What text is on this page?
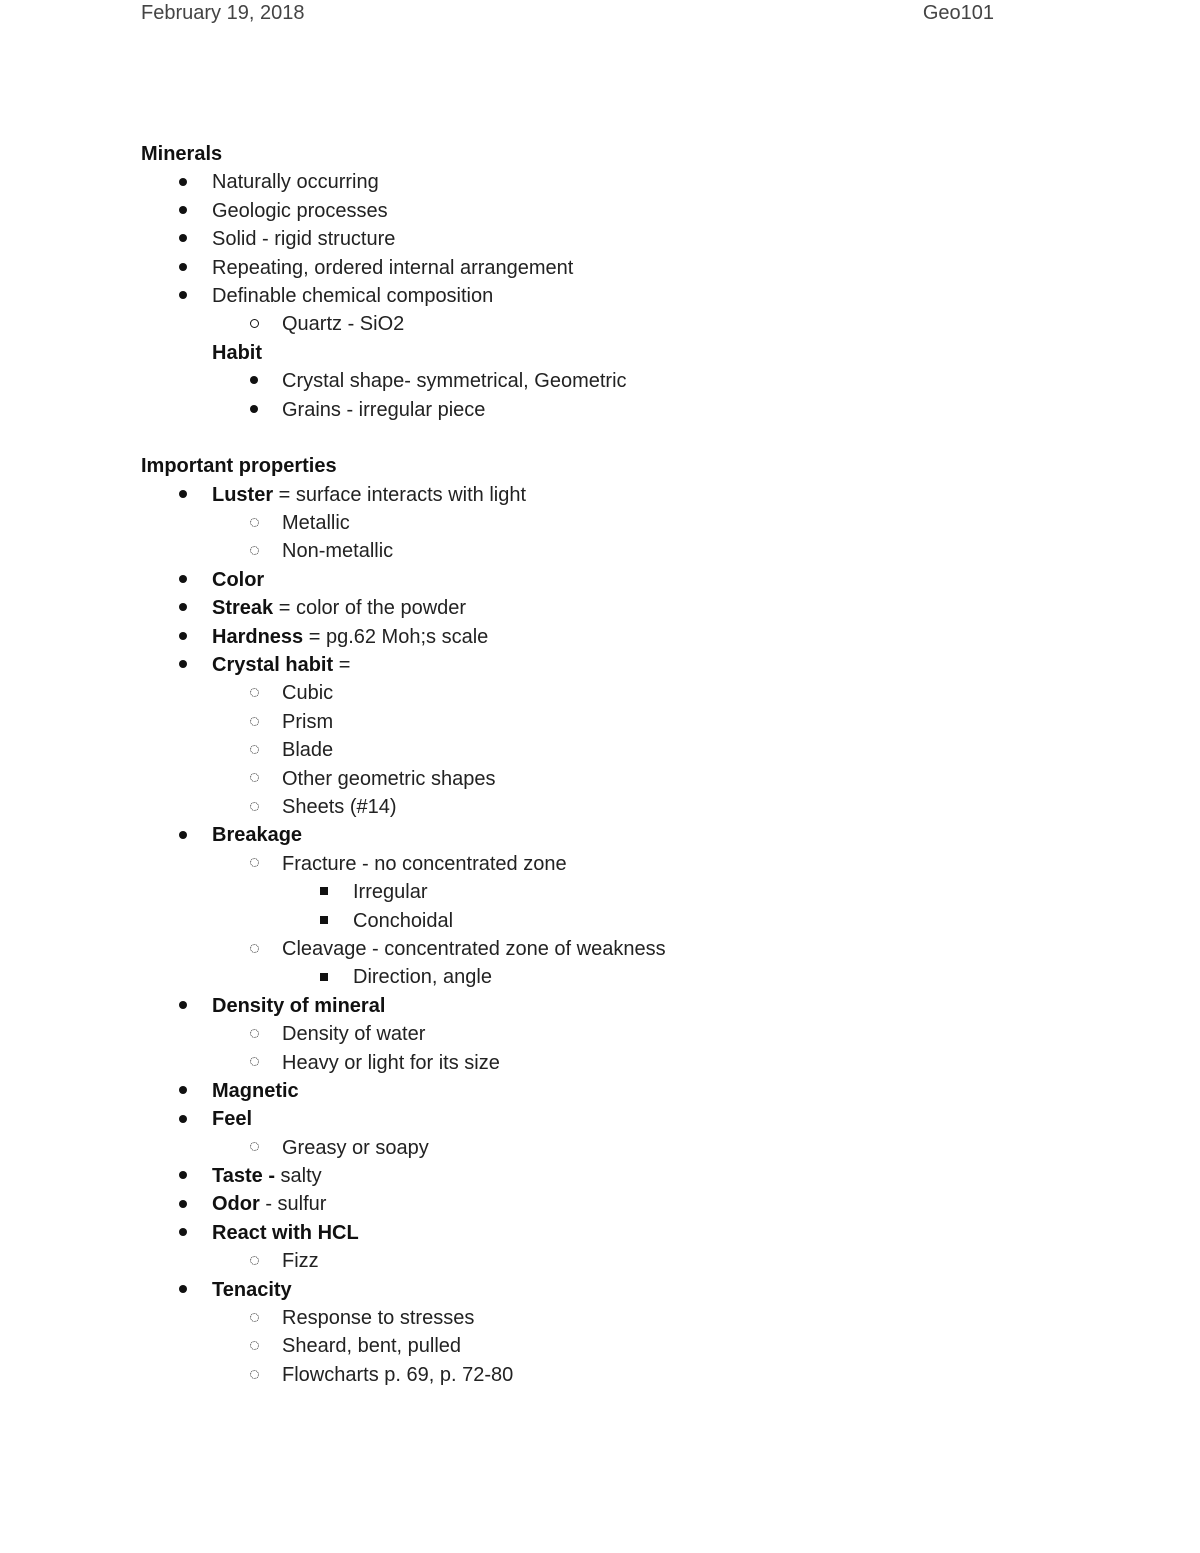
February 19, 2018	Geo101
Minerals
Naturally occurring
Geologic processes
Solid - rigid structure
Repeating, ordered internal arrangement
Definable chemical composition
Quartz - SiO2
Habit
Crystal shape- symmetrical, Geometric
Grains - irregular piece
Important properties
Luster = surface interacts with light
Metallic
Non-metallic
Color
Streak = color of the powder
Hardness = pg.62 Moh;s scale
Crystal habit =
Cubic
Prism
Blade
Other geometric shapes
Sheets (#14)
Breakage
Fracture - no concentrated zone
Irregular
Conchoidal
Cleavage - concentrated zone of weakness
Direction, angle
Density of mineral
Density of water
Heavy or light for its size
Magnetic
Feel
Greasy or soapy
Taste - salty
Odor - sulfur
React with HCL
Fizz
Tenacity
Response to stresses
Sheard, bent, pulled
Flowcharts p. 69, p. 72-80
